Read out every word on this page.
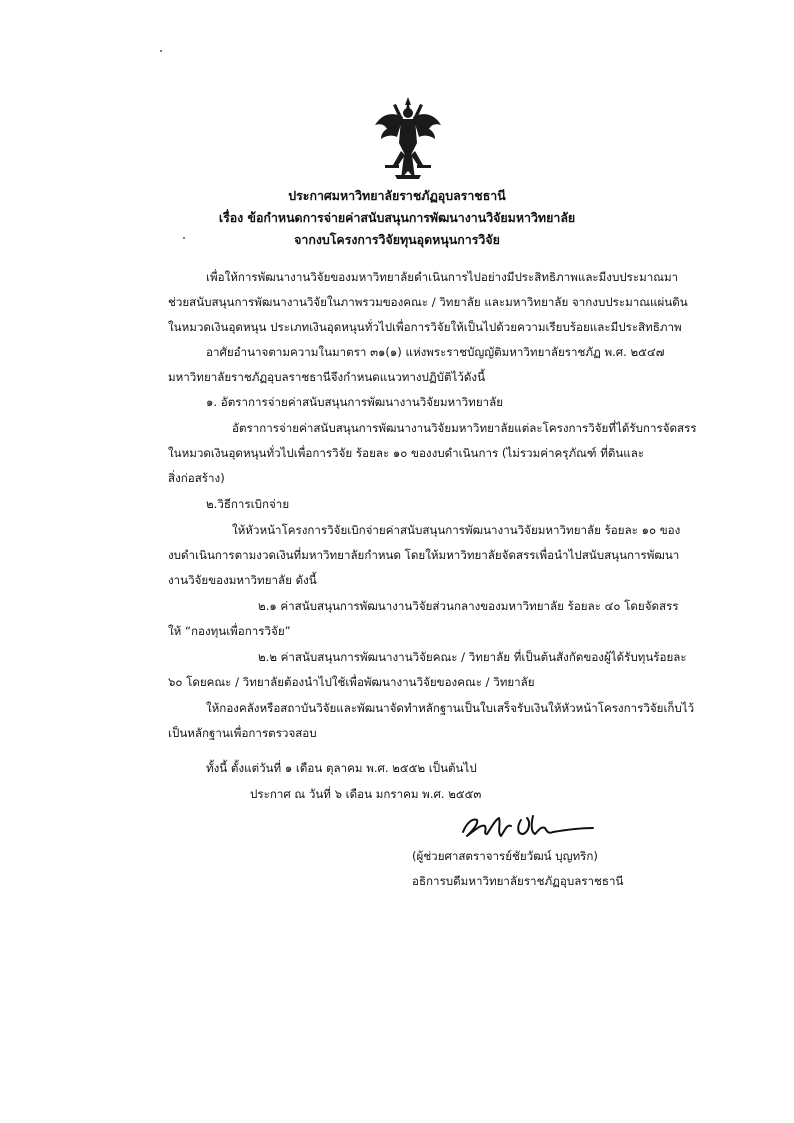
ประกาศมหาวิทยาลัยราชภัฏอุบลราชธานี
เรื่อง ข้อกำหนดการจ่ายค่าสนับสนุนการพัฒนางานวิจัยมหาวิทยาลัย
จากงบโครงการวิจัยทุนอุดหนุนการวิจัย
เพื่อให้การพัฒนางานวิจัยของมหาวิทยาลัยดำเนินการไปอย่างมีประสิทธิภาพและมีงบประมาณมา
ช่วยสนับสนุนการพัฒนางานวิจัยในภาพรวมของคณะ / วิทยาลัย และมหาวิทยาลัย จากงบประมาณแผ่นดิน
ในหมวดเงินอุดหนุน ประเภทเงินอุดหนุนทั่วไปเพื่อการวิจัยให้เป็นไปด้วยความเรียบร้อยและมีประสิทธิภาพ
อาศัยอำนาจตามความในมาตรา ๓๑(๑) แห่งพระราชบัญญัติมหาวิทยาลัยราชภัฏ พ.ศ. ๒๕๔๗
มหาวิทยาลัยราชภัฏอุบลราชธานีจึงกำหนดแนวทางปฏิบัติไว้ดังนี้
๑. อัตราการจ่ายค่าสนับสนุนการพัฒนางานวิจัยมหาวิทยาลัย
อัตราการจ่ายค่าสนับสนุนการพัฒนางานวิจัยมหาวิทยาลัยแต่ละโครงการวิจัยที่ได้รับการจัดสรร
ในหมวดเงินอุดหนุนทั่วไปเพื่อการวิจัย ร้อยละ ๑๐ ของงบดำเนินการ (ไม่รวมค่าครุภัณฑ์ ที่ดินและ
สิ่งก่อสร้าง)
๒.วิธีการเบิกจ่าย
ให้หัวหน้าโครงการวิจัยเบิกจ่ายค่าสนับสนุนการพัฒนางานวิจัยมหาวิทยาลัย ร้อยละ ๑๐ ของ
งบดำเนินการตามงวดเงินที่มหาวิทยาลัยกำหนด โดยให้มหาวิทยาลัยจัดสรรเพื่อนำไปสนับสนุนการพัฒนา
งานวิจัยของมหาวิทยาลัย ดังนี้
๒.๑ ค่าสนับสนุนการพัฒนางานวิจัยส่วนกลางของมหาวิทยาลัย ร้อยละ ๔๐ โดยจัดสรร
ให้ “กองทุนเพื่อการวิจัย”
๒.๒ ค่าสนับสนุนการพัฒนางานวิจัยคณะ / วิทยาลัย ที่เป็นต้นสังกัดของผู้ได้รับทุนร้อยละ
๖๐ โดยคณะ / วิทยาลัยต้องนำไปใช้เพื่อพัฒนางานวิจัยของคณะ / วิทยาลัย
ให้กองคลังหรือสถาบันวิจัยและพัฒนาจัดทำหลักฐานเป็นใบเสร็จรับเงินให้หัวหน้าโครงการวิจัยเก็บไว้
เป็นหลักฐานเพื่อการตรวจสอบ
ทั้งนี้ ตั้งแต่วันที่ ๑ เดือน ตุลาคม พ.ศ. ๒๕๕๒ เป็นต้นไป
ประกาศ ณ วันที่ ๖ เดือน มกราคม พ.ศ. ๒๕๕๓
(ผู้ช่วยศาสตราจารย์ชัยวัฒน์ บุญทริก)
อธิการบดีมหาวิทยาลัยราชภัฏอุบลราชธานี
